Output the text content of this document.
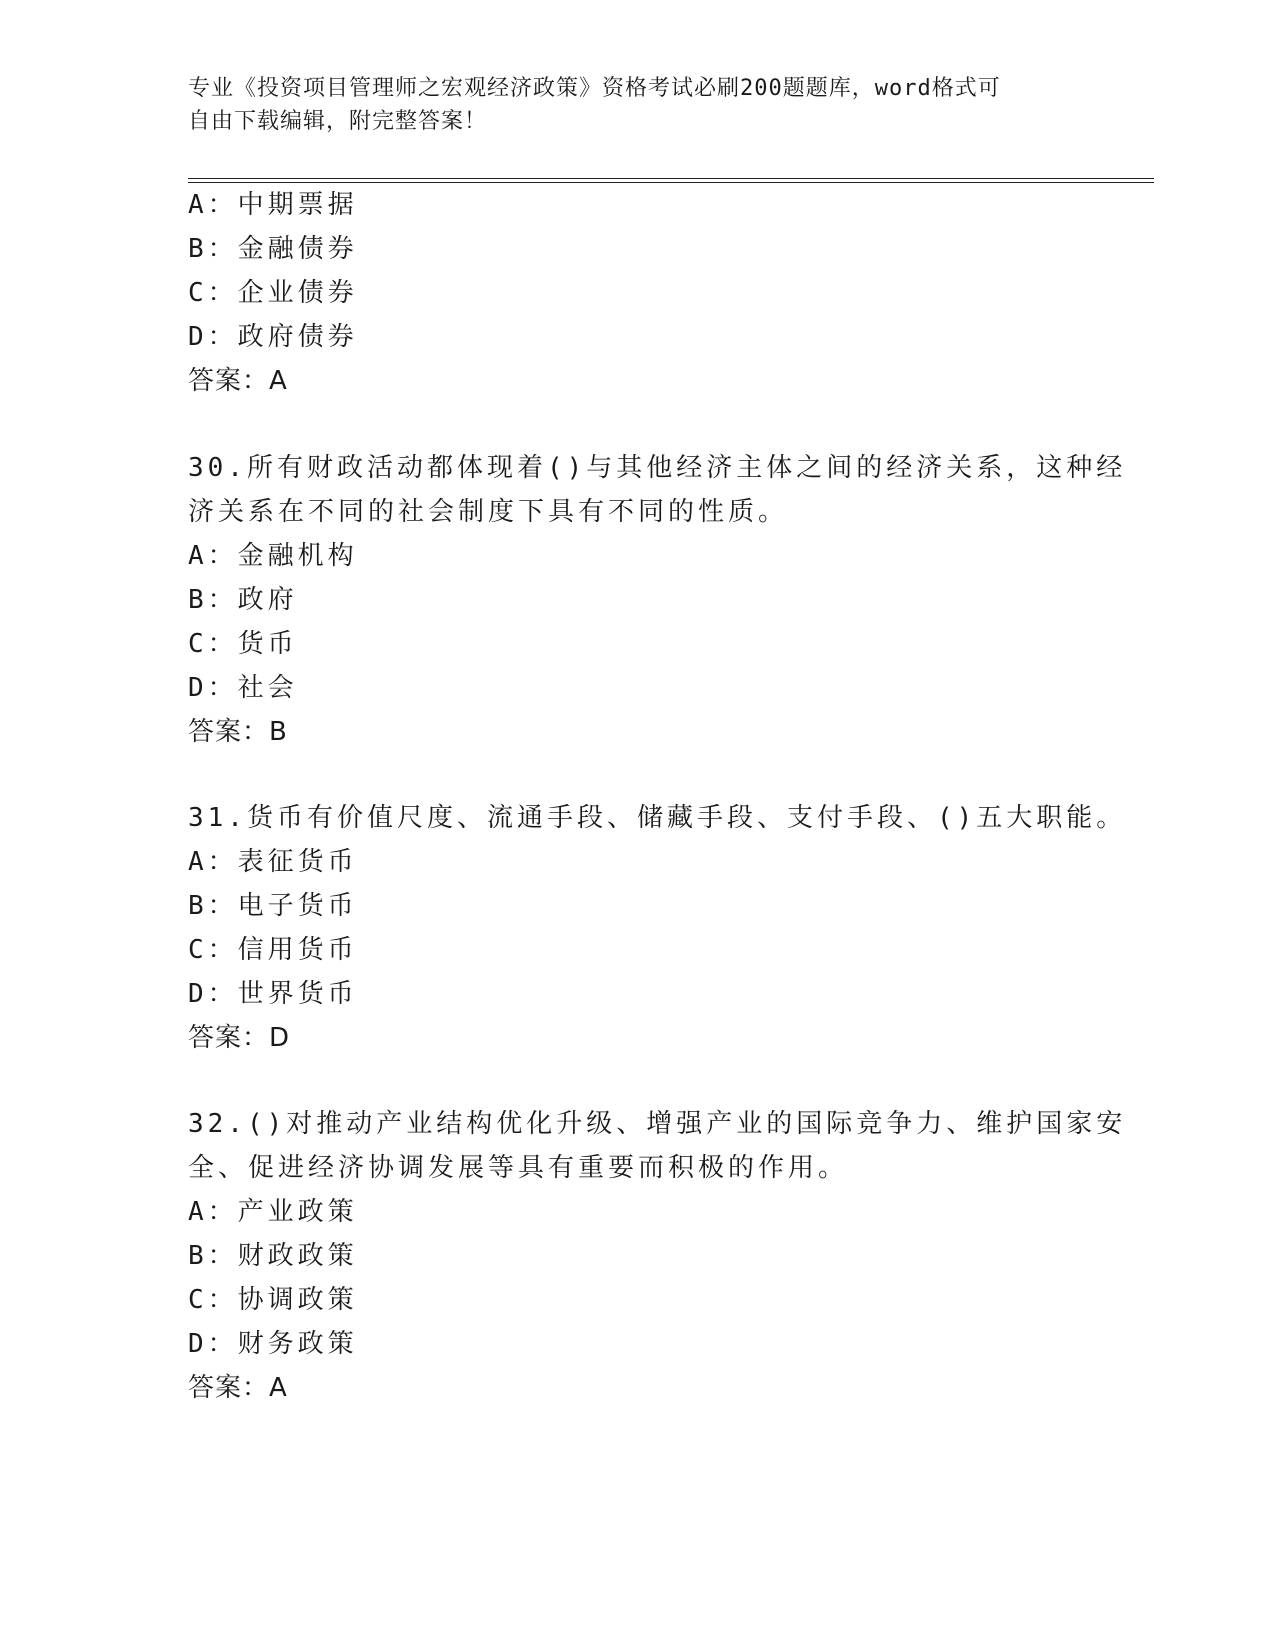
专业《投资项目管理师之宏观经济政策》资格考试必刷200题题库，word格式可
自由下载编辑，附完整答案！
A：中期票据
B：金融债券
C：企业债券
D：政府债券
答案：A
30.所有财政活动都体现着()与其他经济主体之间的经济关系，这种经
济关系在不同的社会制度下具有不同的性质。
A：金融机构
B：政府
C：货币
D：社会
答案：B
31.货币有价值尺度、流通手段、储藏手段、支付手段、()五大职能。
A：表征货币
B：电子货币
C：信用货币
D：世界货币
答案：D
32.()对推动产业结构优化升级、增强产业的国际竞争力、维护国家安
全、促进经济协调发展等具有重要而积极的作用。
A：产业政策
B：财政政策
C：协调政策
D：财务政策
答案：A
